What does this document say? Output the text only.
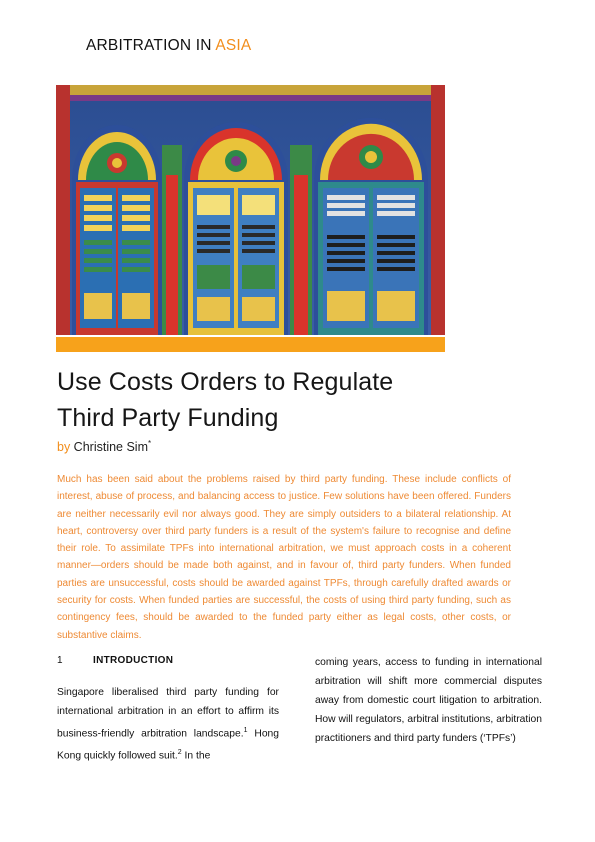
ARBITRATION IN ASIA
Use Costs Orders to Regulate
Third Party Funding
by Christine Sim*

Much has been said about the problems raised by third party funding. These include conflicts of interest, abuse of process, and balancing access to justice. Few solutions have been offered. Funders are neither necessarily evil nor always good. They are simply outsiders to a bilateral relationship. At heart, controversy over third party funders is a result of the system's failure to recognise and define their role. To assimilate TPFs into international arbitration, we must approach costs in a coherent manner—orders should be made both against, and in favour of, third party funders. When funded parties are unsuccessful, costs should be awarded against TPFs, through carefully drafted awards or security for costs. When funded parties are successful, the costs of using third party funding, such as contingency fees, should be awarded to the funded party either as legal costs, other costs, or substantive claims.

1	INTRODUCTION

Singapore liberalised third party funding for international arbitration in an effort to affirm its business-friendly arbitration landscape.$^1$ Hong Kong quickly followed suit.$^2$ In the

coming years, access to funding in international arbitration will shift more commercial disputes away from domestic court litigation to arbitration. How will regulators, arbitral institutions, arbitration practitioners and third party funders (‘TPFs’)
